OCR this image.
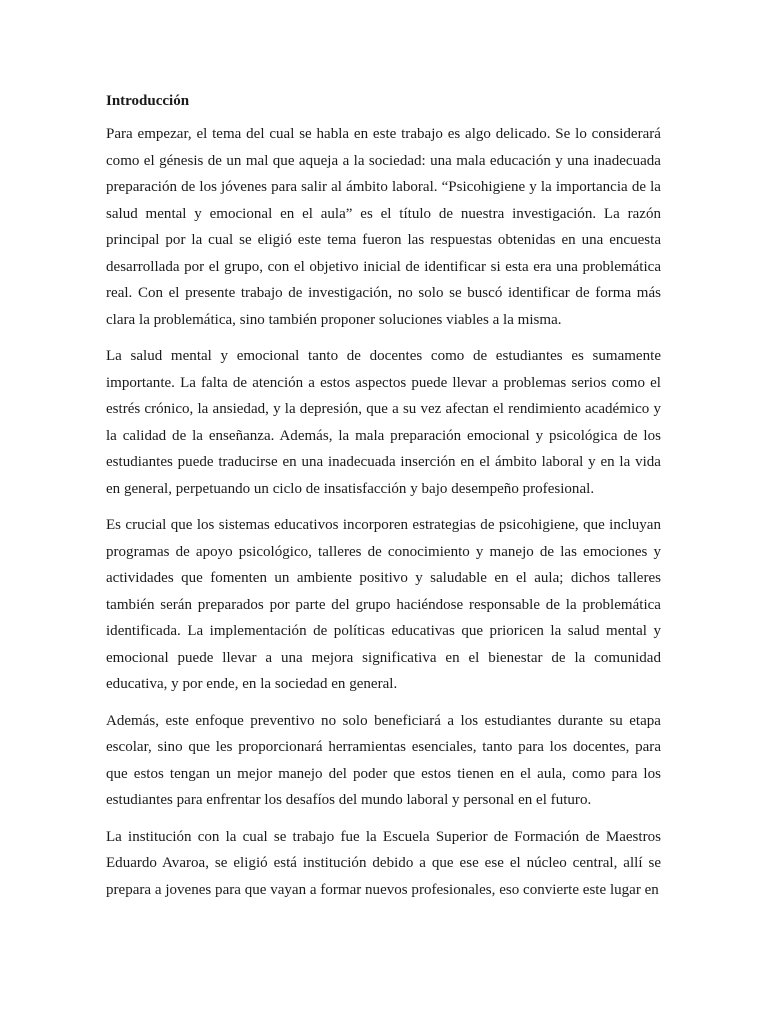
Introducción

Para empezar, el tema del cual se habla en este trabajo es algo delicado. Se lo considerará como el génesis de un mal que aqueja a la sociedad: una mala educación y una inadecuada preparación de los jóvenes para salir al ámbito laboral. “Psicohigiene y la importancia de la salud mental y emocional en el aula” es el título de nuestra investigación. La razón principal por la cual se eligió este tema fueron las respuestas obtenidas en una encuesta desarrollada por el grupo, con el objetivo inicial de identificar si esta era una problemática real. Con el presente trabajo de investigación, no solo se buscó identificar de forma más clara la problemática, sino también proponer soluciones viables a la misma.

La salud mental y emocional tanto de docentes como de estudiantes es sumamente importante. La falta de atención a estos aspectos puede llevar a problemas serios como el estrés crónico, la ansiedad, y la depresión, que a su vez afectan el rendimiento académico y la calidad de la enseñanza. Además, la mala preparación emocional y psicológica de los estudiantes puede traducirse en una inadecuada inserción en el ámbito laboral y en la vida en general, perpetuando un ciclo de insatisfacción y bajo desempeño profesional.

Es crucial que los sistemas educativos incorporen estrategias de psicohigiene, que incluyan programas de apoyo psicológico, talleres de conocimiento y manejo de las emociones y actividades que fomenten un ambiente positivo y saludable en el aula; dichos talleres también serán preparados por parte del grupo haciéndose responsable de la problemática identificada. La implementación de políticas educativas que prioricen la salud mental y emocional puede llevar a una mejora significativa en el bienestar de la comunidad educativa, y por ende, en la sociedad en general.

Además, este enfoque preventivo no solo beneficiará a los estudiantes durante su etapa escolar, sino que les proporcionará herramientas esenciales, tanto para los docentes, para que estos tengan un mejor manejo del poder que estos tienen en el aula, como para los estudiantes para enfrentar los desafíos del mundo laboral y personal en el futuro.

La institución con la cual se trabajo fue la Escuela Superior de Formación de Maestros Eduardo Avaroa, se eligió está institución debido a que ese ese el núcleo central, allí se prepara a jovenes para que vayan a formar nuevos profesionales, eso convierte este lugar en
